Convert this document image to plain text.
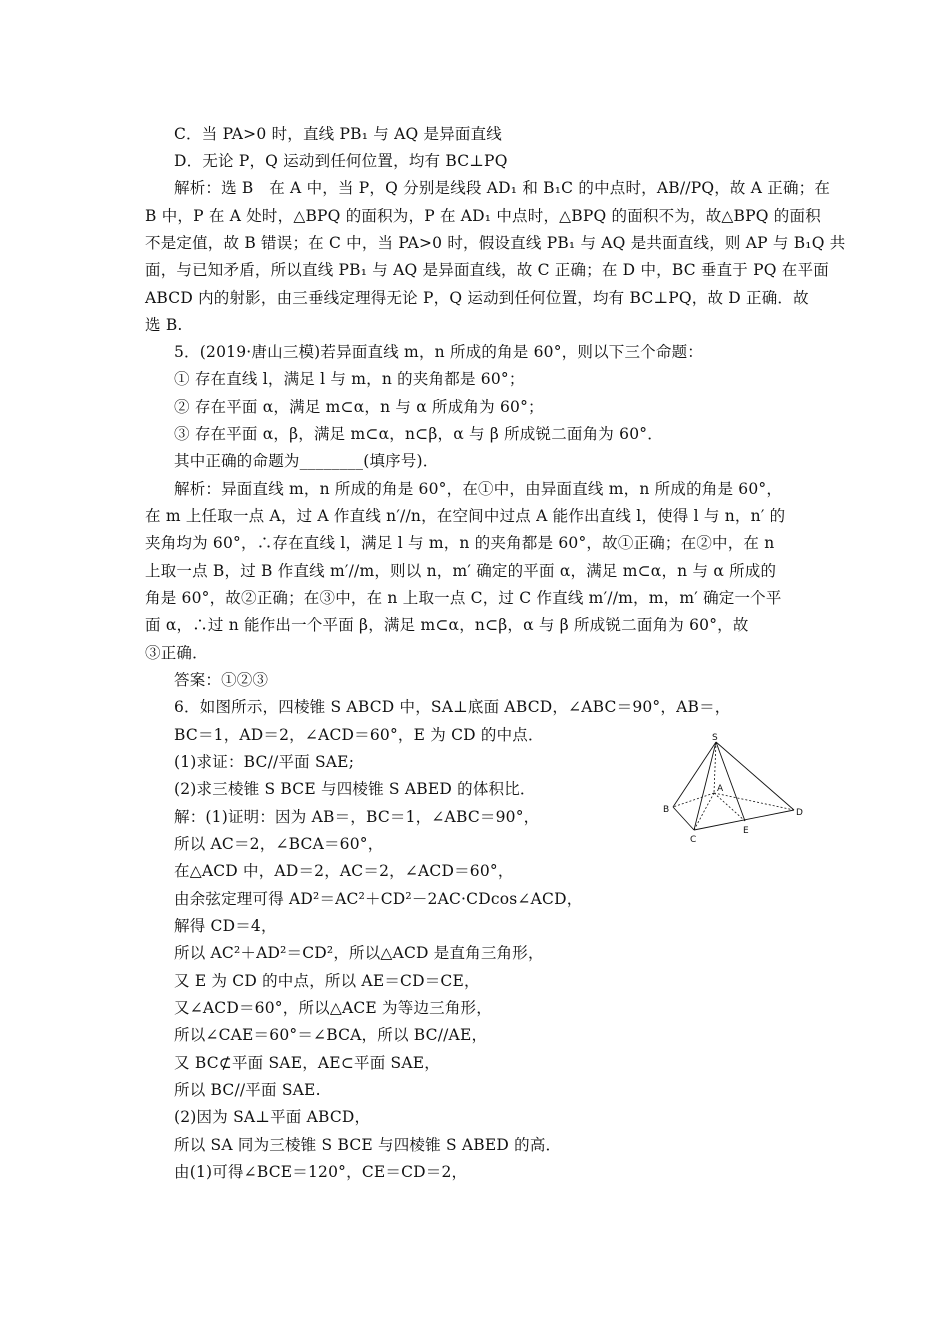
C．当 PA>0 时，直线 PB₁ 与 AQ 是异面直线
D．无论 P，Q 运动到任何位置，均有 BC⊥PQ
解析：选 B　在 A 中，当 P，Q 分别是线段 AD₁ 和 B₁C 的中点时，AB//PQ，故 A 正确；在
B 中，P 在 A 处时，△BPQ 的面积为，P 在 AD₁ 中点时，△BPQ 的面积不为，故△BPQ 的面积
不是定值，故 B 错误；在 C 中，当 PA>0 时，假设直线 PB₁ 与 AQ 是共面直线，则 AP 与 B₁Q 共
面，与已知矛盾，所以直线 PB₁ 与 AQ 是异面直线，故 C 正确；在 D 中，BC 垂直于 PQ 在平面
ABCD 内的射影，由三垂线定理得无论 P，Q 运动到任何位置，均有 BC⊥PQ，故 D 正确．故
选 B.
5．(2019·唐山三模)若异面直线 m，n 所成的角是 60°，则以下三个命题：
① 存在直线 l，满足 l 与 m，n 的夹角都是 60°；
② 存在平面 α，满足 m⊂α，n 与 α 所成角为 60°；
③ 存在平面 α，β，满足 m⊂α，n⊂β，α 与 β 所成锐二面角为 60°．
其中正确的命题为________(填序号)．
解析：异面直线 m，n 所成的角是 60°，在①中，由异面直线 m，n 所成的角是 60°，
在 m 上任取一点 A，过 A 作直线 n′//n，在空间中过点 A 能作出直线 l，使得 l 与 n，n′ 的
夹角均为 60°，∴存在直线 l，满足 l 与 m，n 的夹角都是 60°，故①正确；在②中，在 n
上取一点 B，过 B 作直线 m′//m，则以 n，m′ 确定的平面 α，满足 m⊂α，n 与 α 所成的
角是 60°，故②正确；在③中，在 n 上取一点 C，过 C 作直线 m′//m，m，m′ 确定一个平
面 α，∴过 n 能作出一个平面 β，满足 m⊂α，n⊂β，α 与 β 所成锐二面角为 60°，故
③正确．
答案：①②③
6．如图所示，四棱锥 S ABCD 中，SA⊥底面 ABCD，∠ABC＝90°，AB＝，
BC＝1，AD＝2，∠ACD＝60°，E 为 CD 的中点．
(1)求证：BC//平面 SAE;
(2)求三棱锥 S BCE 与四棱锥 S ABED 的体积比．
解：(1)证明：因为 AB＝，BC＝1，∠ABC＝90°，
所以 AC＝2，∠BCA＝60°，
在△ACD 中，AD＝2，AC＝2，∠ACD＝60°，
由余弦定理可得 AD²＝AC²＋CD²－2AC·CDcos∠ACD，
解得 CD＝4，
所以 AC²＋AD²＝CD²，所以△ACD 是直角三角形，
又 E 为 CD 的中点，所以 AE＝CD＝CE，
又∠ACD＝60°，所以△ACE 为等边三角形，
所以∠CAE＝60°＝∠BCA，所以 BC//AE，
又 BC⊄平面 SAE，AE⊂平面 SAE，
所以 BC//平面 SAE.
(2)因为 SA⊥平面 ABCD，
所以 SA 同为三棱锥 S BCE 与四棱锥 S ABED 的高．
由(1)可得∠BCE＝120°，CE＝CD＝2，
S
A
B
C
D
E
